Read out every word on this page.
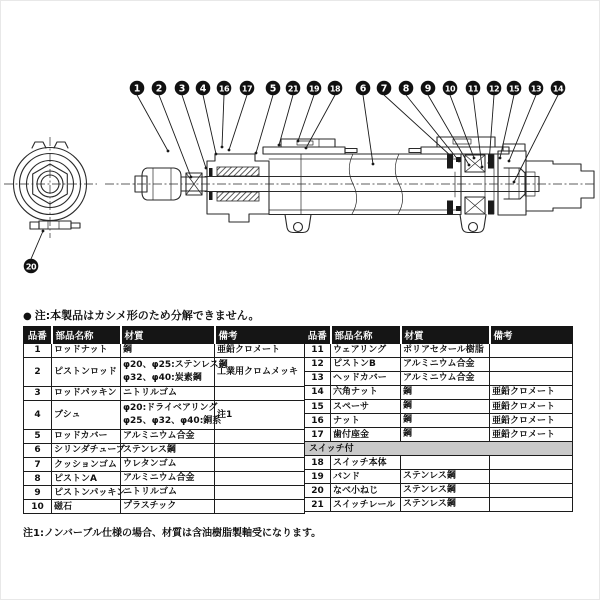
1 2 3 4 16 17 5 21 19 18 6 7 8 9 10 11 12 15 13 14
20
● 注:本製品はカシメ形のため分解できません。
品番	部品名称	材質	備考
1	ロッドナット	鋼	亜鉛クロメート
2	ピストンロッド	φ20、φ25:ステンレス鋼
φ32、φ40:炭素鋼	工業用クロムメッキ
3	ロッドパッキン	ニトリルゴム	

4	ブシュ	φ20:ドライベアリング
φ25、φ32、φ40:銅系	注1
5	ロッドカバー	アルミニウム合金	

6	シリンダチューブ	ステンレス鋼	

7	クッションゴム	ウレタンゴム	

8	ピストンA	アルミニウム合金	

9	ピストンパッキン	ニトリルゴム	

10	磁石	プラスチック	

品番	部品名称	材質	備考
11	ウェアリング	ポリアセタール樹脂	

12	ピストンB	アルミニウム合金	

13	ヘッドカバー	アルミニウム合金	

14	六角ナット	鋼	亜鉛クロメート
15	スペーサ	鋼	亜鉛クロメート
16	ナット	鋼	亜鉛クロメート
17	歯付座金	鋼	亜鉛クロメート
スイッチ付			
18	スイッチ本体		
19	バンド	ステンレス鋼	

20	なべ小ねじ	ステンレス鋼	

21	スイッチレール	ステンレス鋼	

注1:ノンバーブル仕様の場合、材質は含油樹脂製軸受になります。
